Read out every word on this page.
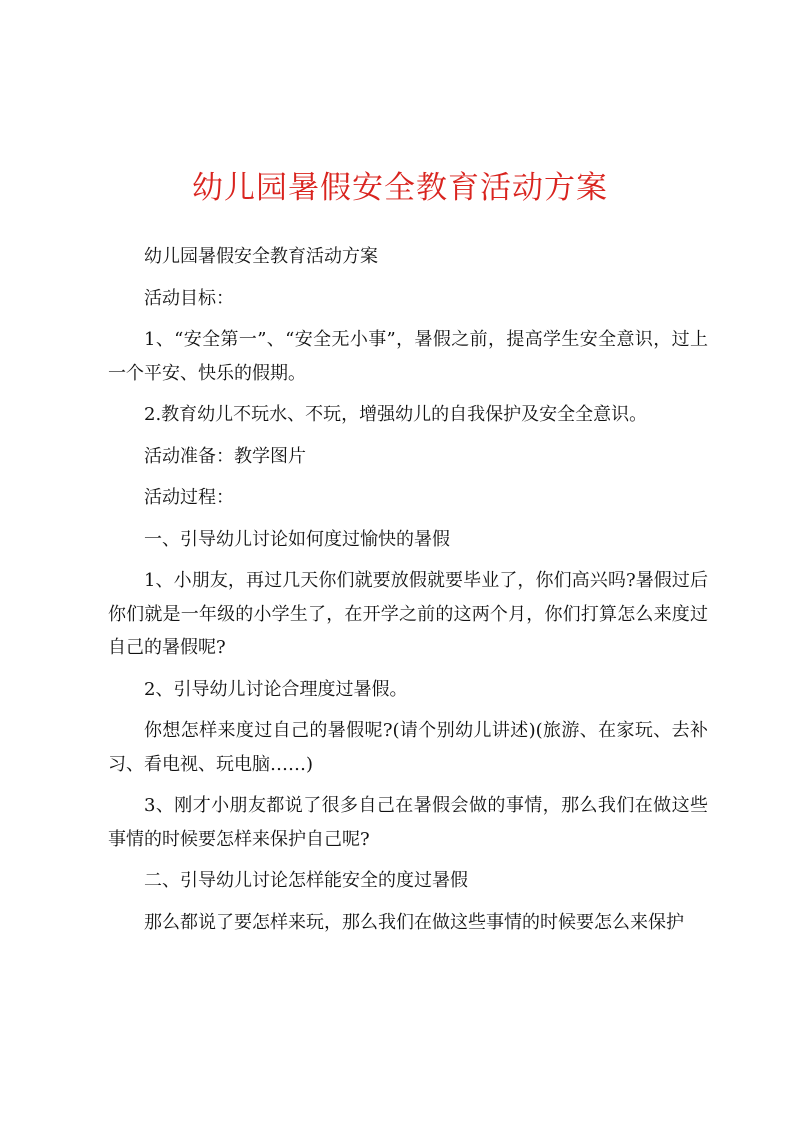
幼儿园暑假安全教育活动方案

幼儿园暑假安全教育活动方案

活动目标：

1、“安全第一”、“安全无小事”，暑假之前，提高学生安全意识，过上一个平安、快乐的假期。

2.教育幼儿不玩水、不玩，增强幼儿的自我保护及安全全意识。

活动准备：教学图片

活动过程：

一、引导幼儿讨论如何度过愉快的暑假

1、小朋友，再过几天你们就要放假就要毕业了，你们高兴吗?暑假过后你们就是一年级的小学生了，在开学之前的这两个月，你们打算怎么来度过自己的暑假呢?

2、引导幼儿讨论合理度过暑假。

你想怎样来度过自己的暑假呢?(请个别幼儿讲述)(旅游、在家玩、去补习、看电视、玩电脑……)

3、刚才小朋友都说了很多自己在暑假会做的事情，那么我们在做这些事情的时候要怎样来保护自己呢?

二、引导幼儿讨论怎样能安全的度过暑假

那么都说了要怎样来玩，那么我们在做这些事情的时候要怎么来保护
